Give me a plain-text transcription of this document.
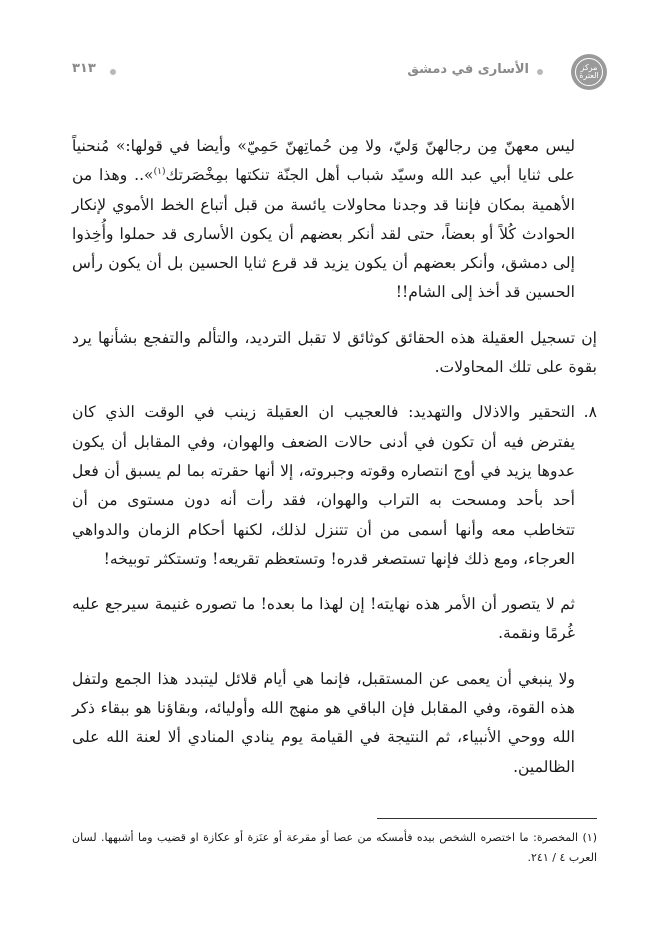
٣١٣	الأسارى في دمشق	مركز العترة

ليس معهنّ مِن رجالهنّ وَليّ، ولا مِن حُماتِهنّ حَمِيّ» وأيضا في قولها:» مُنحنياً على ثنايا أبي عبد الله وسيّد شباب أهل الجنّة تنكتها بمِخْصَرتك$^{(١)}$».. وهذا من الأهمية بمكان فإننا قد وجدنا محاولات يائسة من قبل أتباع الخط الأموي لإنكار الحوادث كُلاً أو بعضاً، حتى لقد أنكر بعضهم أن يكون الأسارى قد حملوا وأُخِذوا إلى دمشق، وأنكر بعضهم أن يكون يزيد قد قرع ثنايا الحسين بل أن يكون رأس الحسين قد أخذ إلى الشام!!

إن تسجيل العقيلة هذه الحقائق كوثائق لا تقبل الترديد، والتألم والتفجع بشأنها يرد بقوة على تلك المحاولات.

٨.
التحقير والاذلال والتهديد: فالعجيب ان العقيلة زينب في الوقت الذي كان يفترض فيه أن تكون في أدنى حالات الضعف والهوان، وفي المقابل أن يكون عدوها يزيد في أوج انتصاره وقوته وجبروته، إلا أنها حقرته بما لم يسبق أن فعل أحد بأحد ومسحت به التراب والهوان، فقد رأت أنه دون مستوى من أن تتخاطب معه وأنها أسمى من أن تتنزل لذلك، لكنها أحكام الزمان والدواهي العرجاء، ومع ذلك فإنها تستصغر قدره! وتستعظم تقريعه! وتستكثر توبيخه!

ثم لا يتصور أن الأمر هذه نهايته! إن لهذا ما بعده! ما تصوره غنيمة سيرجع عليه غُرمًا ونقمة.

ولا ينبغي أن يعمى عن المستقبل، فإنما هي أيام قلائل ليتبدد هذا الجمع ولتفل هذه القوة، وفي المقابل فإن الباقي هو منهج الله وأوليائه، وبقاؤنا هو ببقاء ذكر الله ووحي الأنبياء، ثم النتيجة في القيامة يوم ينادي المنادي ألا لعنة الله على الظالمين.

(١) المخصرة: ما اختصره الشخص بيده فأمسكه من عصا أو مقرعة أو عنَزة أو عكازة او قضيب وما أشبهها. لسان العرب ٤ / ٢٤١.
